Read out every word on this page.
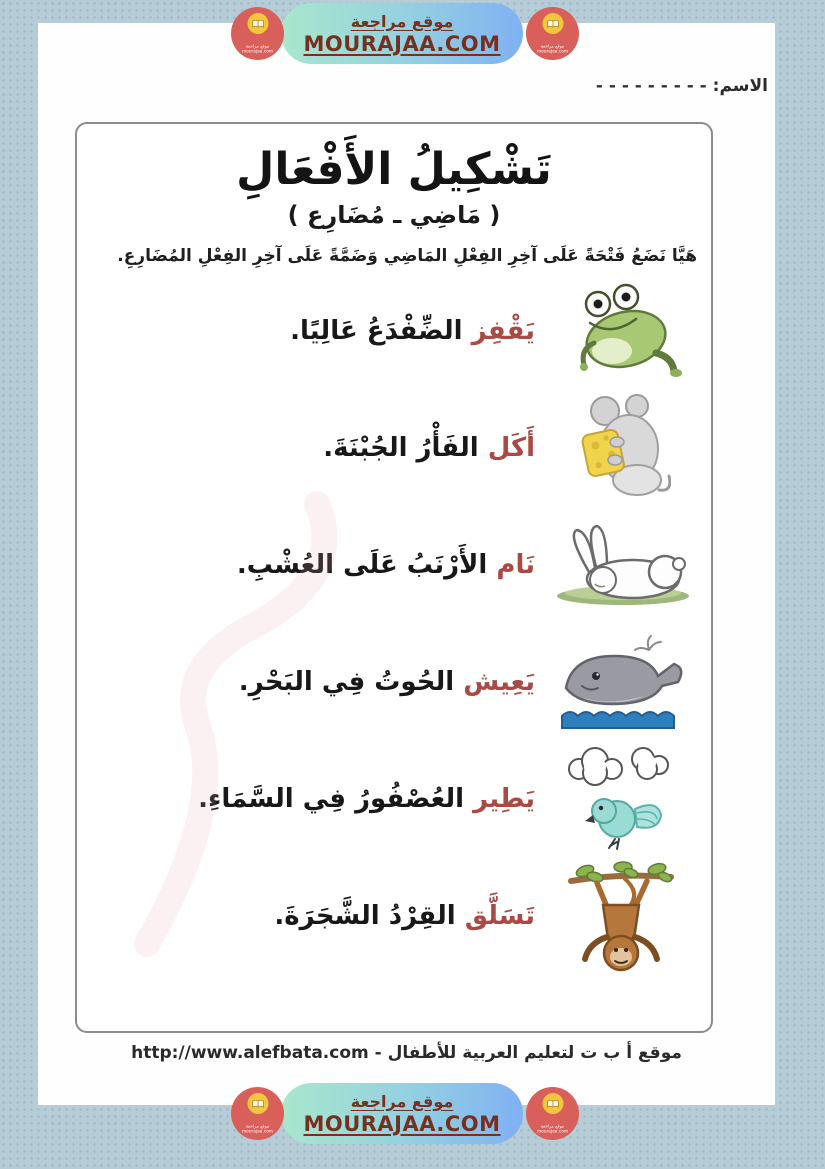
موقع مراجعة
MOURAJAA.COM
موقع مراجعة
mourajaa.com
موقع مراجعة
mourajaa.com
الاسم: - - - - - - - - -
تَشْكِيلُ الأَفْعَالِ
( مَاضِي ـ مُضَارِع )
هَيَّا نَضَعُ فَتْحَةً عَلَى آخِرِ الفِعْلِ المَاضِي وَضَمَّةً عَلَى آخِرِ الفِعْلِ المُضَارِعِ.
يَقْفِز الضِّفْدَعُ عَالِيًا.
أَكَل الفَأْرُ الجُبْنَةَ.
نَام الأَرْنَبُ عَلَى العُشْبِ.
يَعِيش الحُوتُ فِي البَحْرِ.
يَطِير العُصْفُورُ فِي السَّمَاءِ.
تَسَلَّق القِرْدُ الشَّجَرَةَ.
موقع أ ب ت لتعليم العربية للأطفال - http://www.alefbata.com
موقع مراجعة
MOURAJAA.COM
موقع مراجعة
mourajaa.com
موقع مراجعة
mourajaa.com
